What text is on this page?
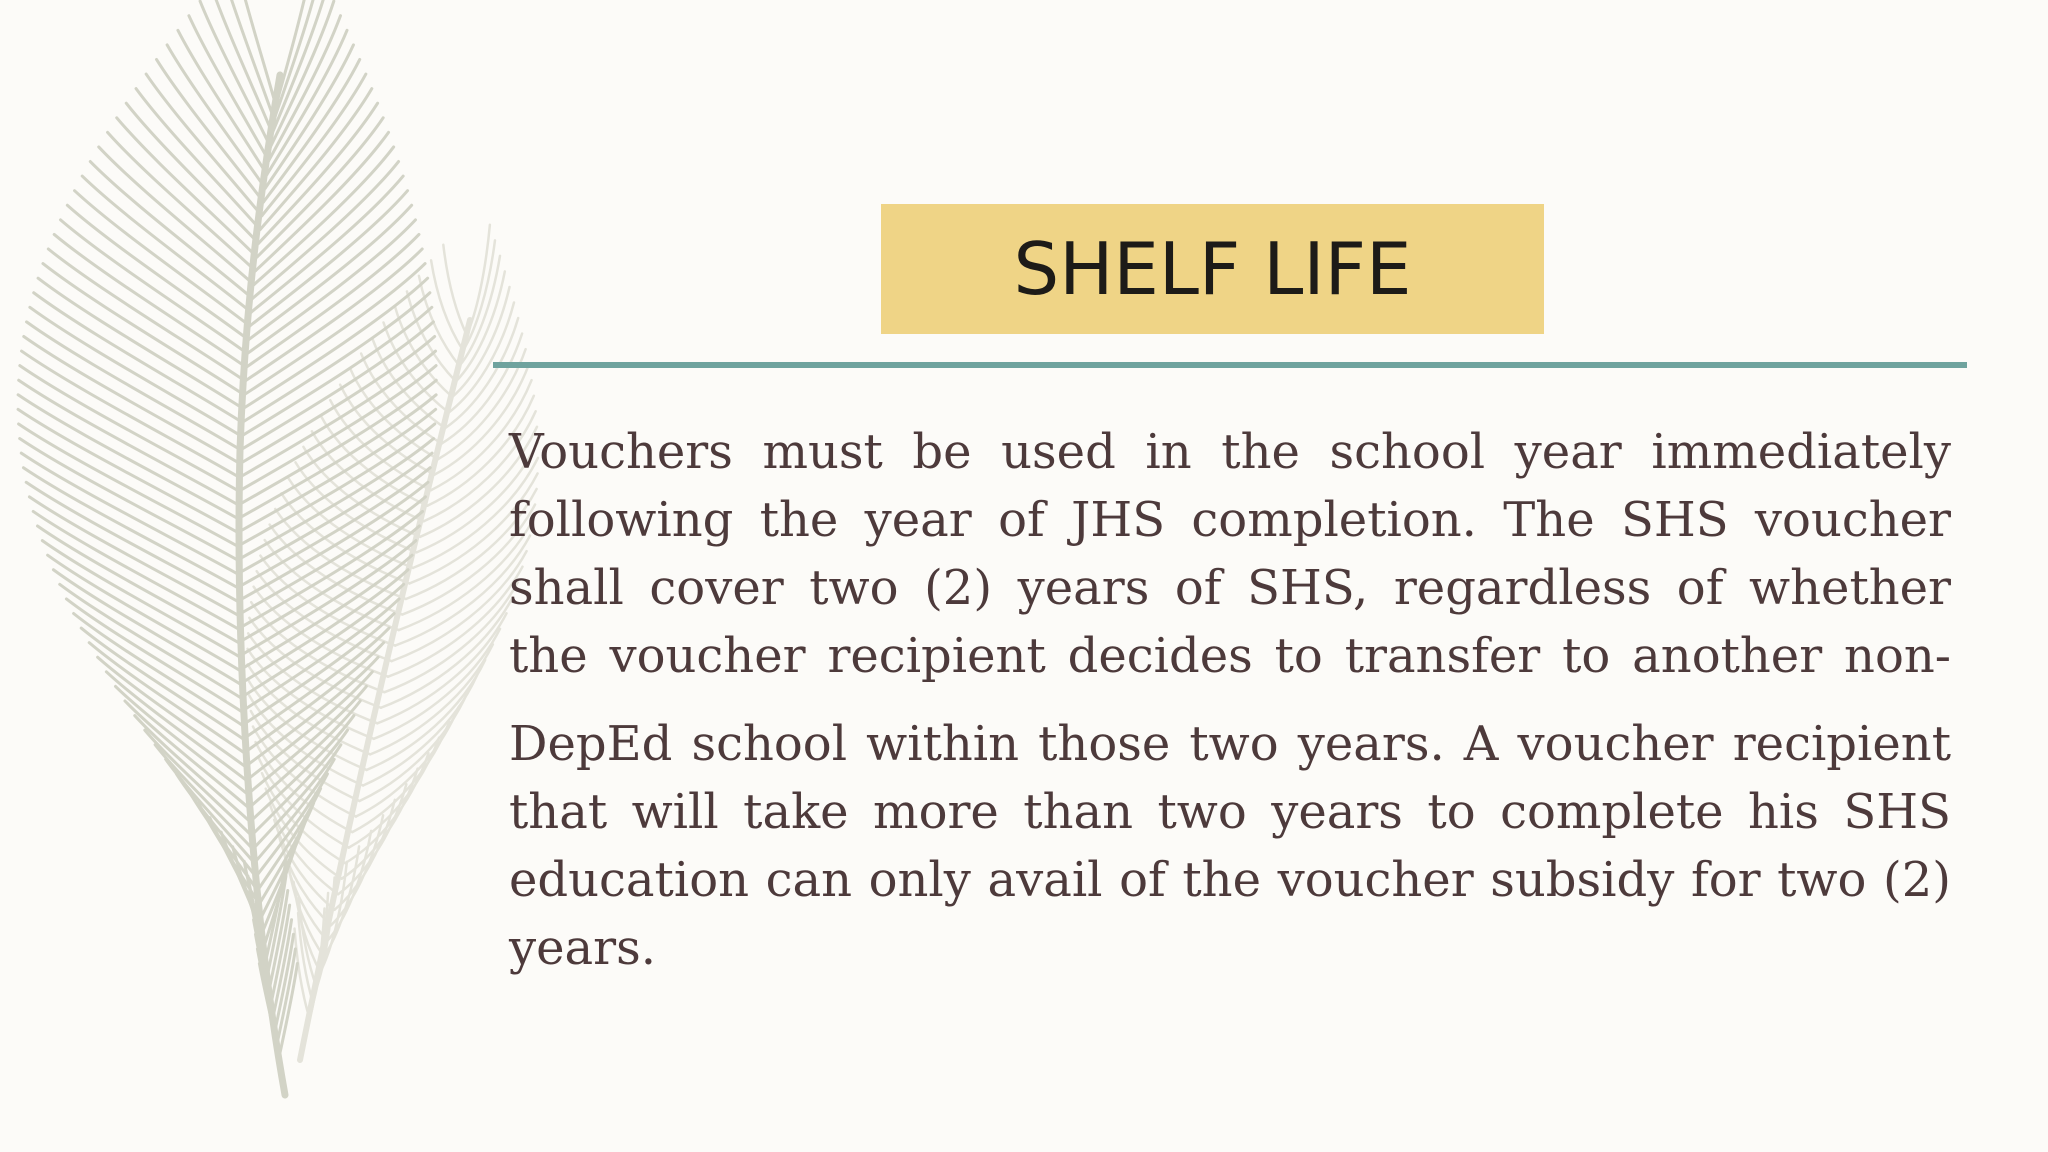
SHELF LIFE

Vouchers must be used in the school year immediately following the year of JHS completion. The SHS voucher shall cover two (2) years of SHS, regardless of whether the voucher recipient decides to transfer to another non-

DepEd school within those two years. A voucher recipient that will take more than two years to complete his SHS education can only avail of the voucher subsidy for two (2) years.
